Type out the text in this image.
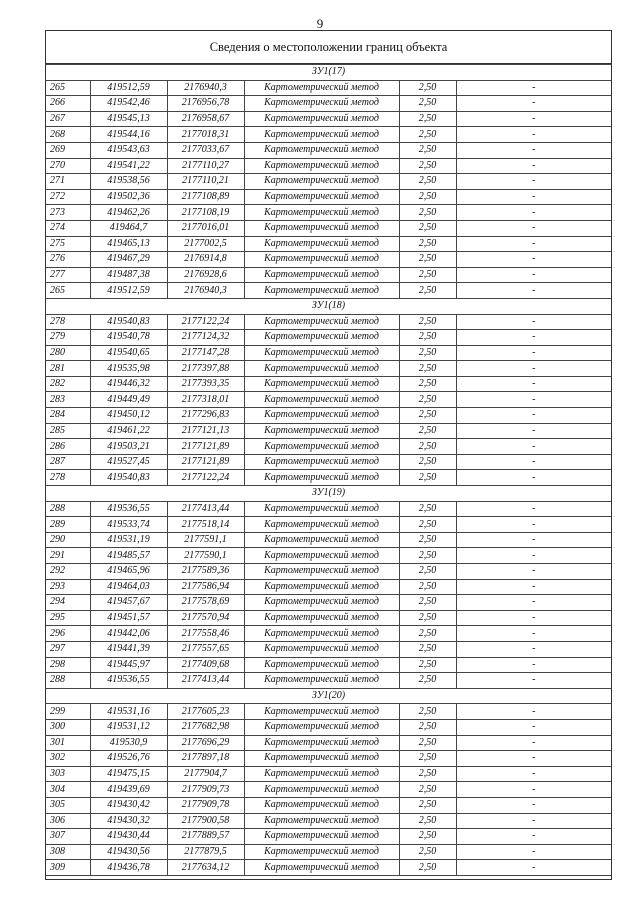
9
Сведения о местоположении границ объекта
ЗУ1(17)					
265	419512,59	2176940,3	Картометрический метод	2,50	-
266	419542,46	2176956,78	Картометрический метод	2,50	-
267	419545,13	2176958,67	Картометрический метод	2,50	-
268	419544,16	2177018,31	Картометрический метод	2,50	-
269	419543,63	2177033,67	Картометрический метод	2,50	-
270	419541,22	2177110,27	Картометрический метод	2,50	-
271	419538,56	2177110,21	Картометрический метод	2,50	-
272	419502,36	2177108,89	Картометрический метод	2,50	-
273	419462,26	2177108,19	Картометрический метод	2,50	-
274	419464,7	2177016,01	Картометрический метод	2,50	-
275	419465,13	2177002,5	Картометрический метод	2,50	-
276	419467,29	2176914,8	Картометрический метод	2,50	-
277	419487,38	2176928,6	Картометрический метод	2,50	-
265	419512,59	2176940,3	Картометрический метод	2,50	-
ЗУ1(18)					
278	419540,83	2177122,24	Картометрический метод	2,50	-
279	419540,78	2177124,32	Картометрический метод	2,50	-
280	419540,65	2177147,28	Картометрический метод	2,50	-
281	419535,98	2177397,88	Картометрический метод	2,50	-
282	419446,32	2177393,35	Картометрический метод	2,50	-
283	419449,49	2177318,01	Картометрический метод	2,50	-
284	419450,12	2177296,83	Картометрический метод	2,50	-
285	419461,22	2177121,13	Картометрический метод	2,50	-
286	419503,21	2177121,89	Картометрический метод	2,50	-
287	419527,45	2177121,89	Картометрический метод	2,50	-
278	419540,83	2177122,24	Картометрический метод	2,50	-
ЗУ1(19)					
288	419536,55	2177413,44	Картометрический метод	2,50	-
289	419533,74	2177518,14	Картометрический метод	2,50	-
290	419531,19	2177591,1	Картометрический метод	2,50	-
291	419485,57	2177590,1	Картометрический метод	2,50	-
292	419465,96	2177589,36	Картометрический метод	2,50	-
293	419464,03	2177586,94	Картометрический метод	2,50	-
294	419457,67	2177578,69	Картометрический метод	2,50	-
295	419451,57	2177570,94	Картометрический метод	2,50	-
296	419442,06	2177558,46	Картометрический метод	2,50	-
297	419441,39	2177557,65	Картометрический метод	2,50	-
298	419445,97	2177409,68	Картометрический метод	2,50	-
288	419536,55	2177413,44	Картометрический метод	2,50	-
ЗУ1(20)					
299	419531,16	2177605,23	Картометрический метод	2,50	-
300	419531,12	2177682,98	Картометрический метод	2,50	-
301	419530,9	2177696,29	Картометрический метод	2,50	-
302	419526,76	2177897,18	Картометрический метод	2,50	-
303	419475,15	2177904,7	Картометрический метод	2,50	-
304	419439,69	2177909,73	Картометрический метод	2,50	-
305	419430,42	2177909,78	Картометрический метод	2,50	-
306	419430,32	2177900,58	Картометрический метод	2,50	-
307	419430,44	2177889,57	Картометрический метод	2,50	-
308	419430,56	2177879,5	Картометрический метод	2,50	-
309	419436,78	2177634,12	Картометрический метод	2,50	-
